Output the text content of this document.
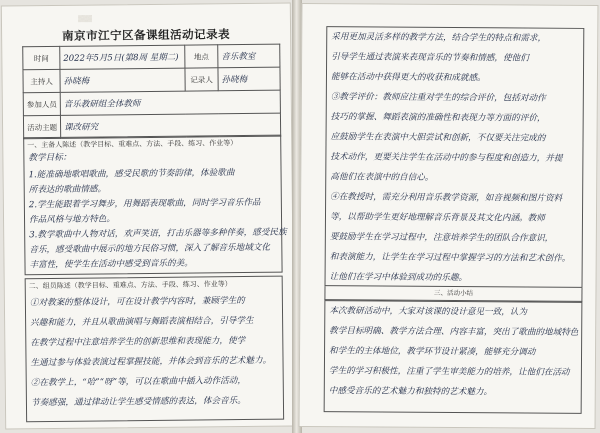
▒▒▒
南京市江宁区备课组活动记录表
时间	2022年5月5日(第8周 星期二)	地点	音乐教室
主持人	孙晓梅	记录人	孙晓梅
参加人员	音乐教研组全体教师		
活动主题	课改研究		
一、主备人陈述（教学目标、重难点、方法、手段、练习、作业等）

教学目标：

1.能准确地歌唱歌曲，感受民歌的节奏韵律，体验歌曲

所表达的歌曲情感。

2.学生能跟着学习舞步，用舞蹈表现歌曲，同时学习音乐作品

作品风格与地方特色。

3.教学歌曲中人物对话，欢声笑语，打击乐器等多种伴奏，感受民族

音乐，感受歌曲中展示的地方民俗习惯，深入了解音乐地域文化

丰富性，使学生在活动中感受到音乐的美。

二、组员陈述（教学目标、重难点、方法、手段、练习、作业等）

①对教案的整体设计，可在设计教学内容时，兼顾学生的

兴趣和能力，并且从歌曲演唱与舞蹈表演相结合，引导学生

在教学过程中注意培养学生的创新思维和表现能力，使学

生通过参与体验表演过程掌握技能，并体会到音乐的艺术魅力。

②在教学上，“哈”“呀”等，可以在歌曲中插入动作活动，

节奏感强，通过律动让学生感受情感的表达，体会音乐。

采用更加灵活多样的教学方法，结合学生的特点和需求，

引导学生通过表演来表现音乐的节奏和情感，使他们

能够在活动中获得更大的收获和成就感。

③教学评价：教师应注重对学生的综合评价，包括对动作

技巧的掌握、舞蹈表演的准确性和表现力等方面的评价，

应鼓励学生在表演中大胆尝试和创新，不仅要关注完成的

技术动作，更要关注学生在活动中的参与程度和创造力，并提

高他们在表演中的自信心。

④在教授时，需充分利用音乐教学资源，如音视频和图片资料

等，以帮助学生更好地理解音乐背景及其文化内涵。教师

要鼓励学生在学习过程中，注意培养学生的团队合作意识，

和表演能力，让学生在学习过程中掌握学习的方法和艺术创作。

让他们在学习中体验到成功的乐趣。

三、活动小结

本次教研活动中，大家对该课的设计意见一致，认为

教学目标明确、教学方法合理、内容丰富，突出了歌曲的地域特色

和学生的主体地位，教学环节设计紧凑，能够充分调动

学生的学习积极性，注重了学生审美能力的培养，让他们在活动

中感受音乐的艺术魅力和独特的艺术魅力。
